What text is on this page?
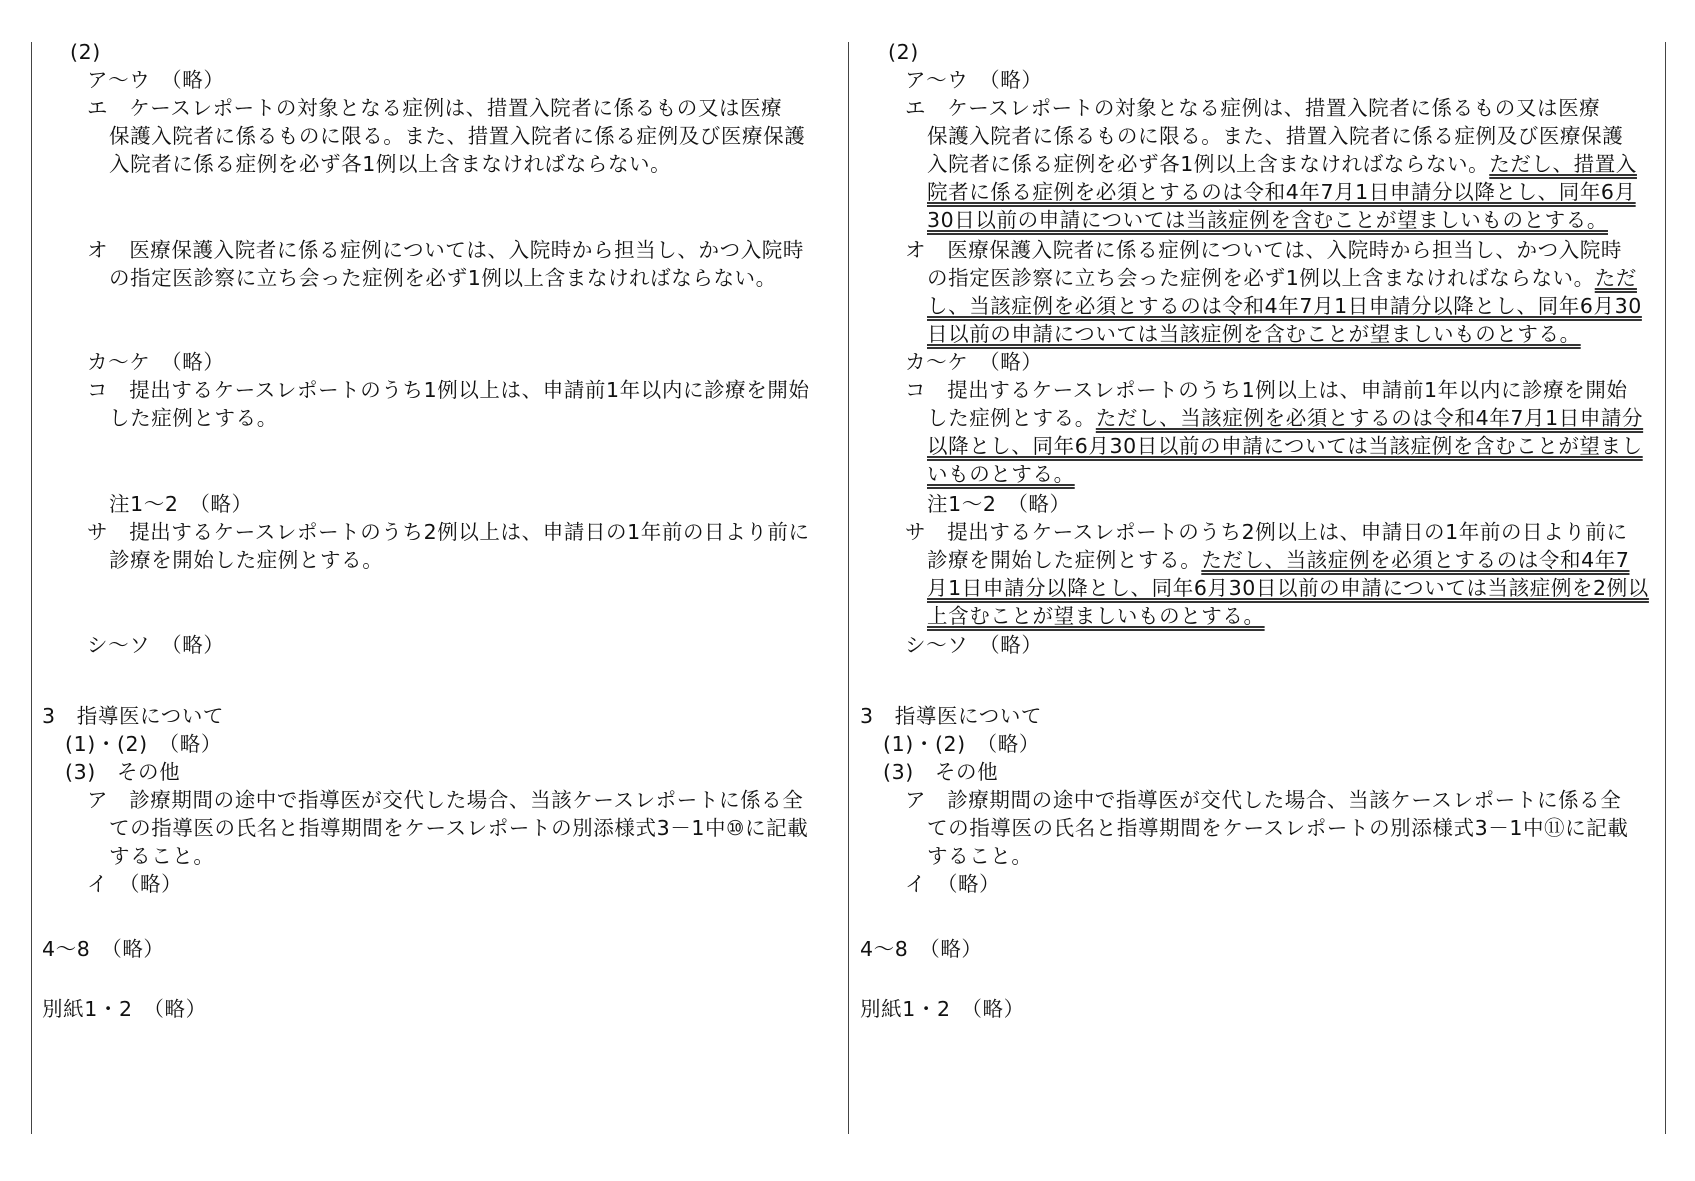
(2)
ア～ウ　（略）
エ　ケースレポートの対象となる症例は、措置入院者に係るもの又は医療
保護入院者に係るものに限る。また、措置入院者に係る症例及び医療保護
入院者に係る症例を必ず各1例以上含まなければならない。
オ　医療保護入院者に係る症例については、入院時から担当し、かつ入院時
の指定医診察に立ち会った症例を必ず1例以上含まなければならない。
カ～ケ　（略）
コ　提出するケースレポートのうち1例以上は、申請前1年以内に診療を開始
した症例とする。
注1～2　（略）
サ　提出するケースレポートのうち2例以上は、申請日の1年前の日より前に
診療を開始した症例とする。
シ～ソ　（略）
3　指導医について
(1)・(2)　（略）
(3)　その他
ア　診療期間の途中で指導医が交代した場合、当該ケースレポートに係る全
ての指導医の氏名と指導期間をケースレポートの別添様式3－1中⑩に記載
すること。
イ　（略）
4～8　（略）
別紙1・2　（略）
(2)
ア～ウ　（略）
エ　ケースレポートの対象となる症例は、措置入院者に係るもの又は医療
保護入院者に係るものに限る。また、措置入院者に係る症例及び医療保護
入院者に係る症例を必ず各1例以上含まなければならない。ただし、措置入
院者に係る症例を必須とするのは令和4年7月1日申請分以降とし、同年6月
30日以前の申請については当該症例を含むことが望ましいものとする。
オ　医療保護入院者に係る症例については、入院時から担当し、かつ入院時
の指定医診察に立ち会った症例を必ず1例以上含まなければならない。ただ
し、当該症例を必須とするのは令和4年7月1日申請分以降とし、同年6月30
日以前の申請については当該症例を含むことが望ましいものとする。
カ～ケ　（略）
コ　提出するケースレポートのうち1例以上は、申請前1年以内に診療を開始
した症例とする。ただし、当該症例を必須とするのは令和4年7月1日申請分
以降とし、同年6月30日以前の申請については当該症例を含むことが望まし
いものとする。
注1～2　（略）
サ　提出するケースレポートのうち2例以上は、申請日の1年前の日より前に
診療を開始した症例とする。ただし、当該症例を必須とするのは令和4年7
月1日申請分以降とし、同年6月30日以前の申請については当該症例を2例以
上含むことが望ましいものとする。
シ～ソ　（略）
3　指導医について
(1)・(2)　（略）
(3)　その他
ア　診療期間の途中で指導医が交代した場合、当該ケースレポートに係る全
ての指導医の氏名と指導期間をケースレポートの別添様式3－1中⑪に記載
すること。
イ　（略）
4～8　（略）
別紙1・2　（略）
